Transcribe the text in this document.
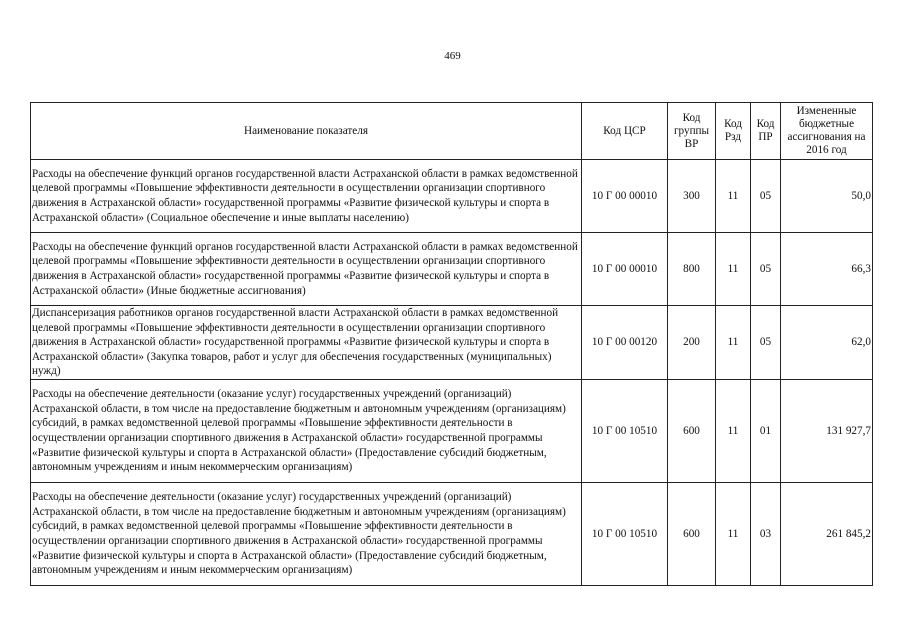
469
Наименование показателя	Код ЦСР	Код группы ВР	Код Рзд	Код ПР	Измененные бюджетные ассигнования на 2016 год
Расходы на обеспечение функций органов государственной власти Астраханской области в рамках ведомственной целевой программы «Повышение эффективности деятельности в осуществлении организации спортивного движения в Астраханской области» государственной программы «Развитие физической культуры и спорта в Астраханской области» (Социальное обеспечение и иные выплаты населению)	10 Г 00 00010	300	11	05	50,0
Расходы на обеспечение функций органов государственной власти Астраханской области в рамках ведомственной целевой программы «Повышение эффективности деятельности в осуществлении организации спортивного движения в Астраханской области» государственной программы «Развитие физической культуры и спорта в Астраханской области» (Иные бюджетные ассигнования)	10 Г 00 00010	800	11	05	66,3
Диспансеризация работников органов государственной власти Астраханской области в рамках ведомственной целевой программы «Повышение эффективности деятельности в осуществлении организации спортивного движения в Астраханской области» государственной программы «Развитие физической культуры и спорта в Астраханской области» (Закупка товаров, работ и услуг для обеспечения государственных (муниципальных) нужд)	10 Г 00 00120	200	11	05	62,0
Расходы на обеспечение деятельности (оказание услуг) государственных учреждений (организаций) Астраханской области, в том числе на предоставление бюджетным и автономным учреждениям (организациям) субсидий, в рамках ведомственной целевой программы «Повышение эффективности деятельности в осуществлении организации спортивного движения в Астраханской области» государственной программы «Развитие физической культуры и спорта в Астраханской области» (Предоставление субсидий бюджетным, автономным учреждениям и иным некоммерческим организациям)	10 Г 00 10510	600	11	01	131 927,7
Расходы на обеспечение деятельности (оказание услуг) государственных учреждений (организаций) Астраханской области, в том числе на предоставление бюджетным и автономным учреждениям (организациям) субсидий, в рамках ведомственной целевой программы «Повышение эффективности деятельности в осуществлении организации спортивного движения в Астраханской области» государственной программы «Развитие физической культуры и спорта в Астраханской области» (Предоставление субсидий бюджетным, автономным учреждениям и иным некоммерческим организациям)	10 Г 00 10510	600	11	03	261 845,2
